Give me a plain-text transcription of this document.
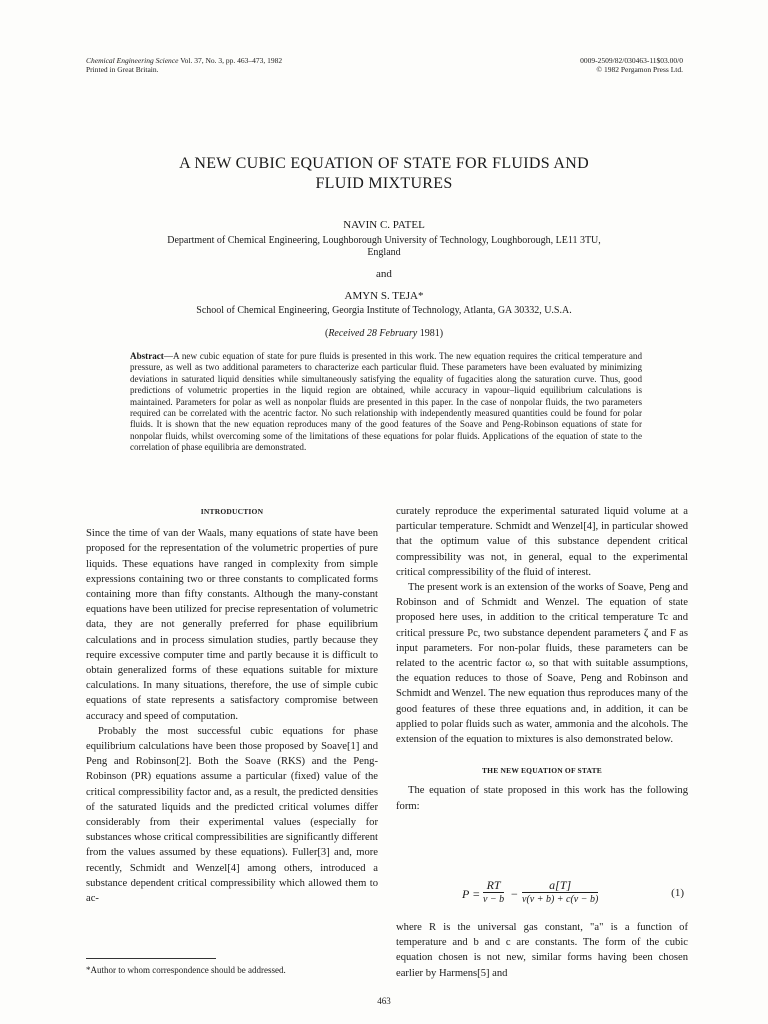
Chemical Engineering Science Vol. 37, No. 3, pp. 463–473, 1982
Printed in Great Britain.
0009-2509/82/030463-11$03.00/0
© 1982 Pergamon Press Ltd.
A NEW CUBIC EQUATION OF STATE FOR FLUIDS AND
FLUID MIXTURES
NAVIN C. PATEL
Department of Chemical Engineering, Loughborough University of Technology, Loughborough, LE11 3TU,
England
and
AMYN S. TEJA*
School of Chemical Engineering, Georgia Institute of Technology, Atlanta, GA 30332, U.S.A.
(Received 28 February 1981)
Abstract—A new cubic equation of state for pure fluids is presented in this work. The new equation requires the critical temperature and pressure, as well as two additional parameters to characterize each particular fluid. These parameters have been evaluated by minimizing deviations in saturated liquid densities while simultaneously satisfying the equality of fugacities along the saturation curve. Thus, good predictions of volumetric properties in the liquid region are obtained, while accuracy in vapour–liquid equilibrium calculations is maintained. Parameters for polar as well as nonpolar fluids are presented in this paper. In the case of nonpolar fluids, the two parameters required can be correlated with the acentric factor. No such relationship with independently measured quantities could be found for polar fluids. It is shown that the new equation reproduces many of the good features of the Soave and Peng-Robinson equations of state for nonpolar fluids, whilst overcoming some of the limitations of these equations for polar fluids. Applications of the equation of state to the correlation of phase equilibria are demonstrated.
INTRODUCTION

Since the time of van der Waals, many equations of state have been proposed for the representation of the volumetric properties of pure liquids. These equations have ranged in complexity from simple expressions containing two or three constants to complicated forms containing more than fifty constants. Although the many-constant equations have been utilized for precise representation of volumetric data, they are not generally preferred for phase equilibrium calculations and in process simulation studies, partly because they require excessive computer time and partly because it is difficult to obtain generalized forms of these equations suitable for mixture calculations. In many situations, therefore, the use of simple cubic equations of state represents a satisfactory compromise between accuracy and speed of computation.

Probably the most successful cubic equations for phase equilibrium calculations have been those proposed by Soave[1] and Peng and Robinson[2]. Both the Soave (RKS) and the Peng-Robinson (PR) equations assume a particular (fixed) value of the critical compressibility factor and, as a result, the predicted densities of the saturated liquids and the predicted critical volumes differ considerably from their experimental values (especially for substances whose critical compressibilities are significantly different from the values assumed by these equations). Fuller[3] and, more recently, Schmidt and Wenzel[4] among others, introduced a substance dependent critical compressibility which allowed them to ac-

curately reproduce the experimental saturated liquid volume at a particular temperature. Schmidt and Wenzel[4], in particular showed that the optimum value of this substance dependent critical compressibility was not, in general, equal to the experimental critical compressibility of the fluid of interest.

The present work is an extension of the works of Soave, Peng and Robinson and of Schmidt and Wenzel. The equation of state proposed here uses, in addition to the critical temperature Tc and critical pressure Pc, two substance dependent parameters ζ and F as input parameters. For non-polar fluids, these parameters can be related to the acentric factor ω, so that with suitable assumptions, the equation reduces to those of Soave, Peng and Robinson and Schmidt and Wenzel. The new equation thus reproduces many of the good features of these three equations and, in addition, it can be applied to polar fluids such as water, ammonia and the alcohols. The extension of the equation to mixtures is also demonstrated below.

THE NEW EQUATION OF STATE

The equation of state proposed in this work has the following form:

P =
RT
v − b −
a[T]
v(v + b) + c(v − b)
(1)

where R is the universal gas constant, "a" is a function of temperature and b and c are constants. The form of the cubic equation chosen is not new, similar forms having been chosen earlier by Harmens[5] and

*Author to whom correspondence should be addressed.
463
